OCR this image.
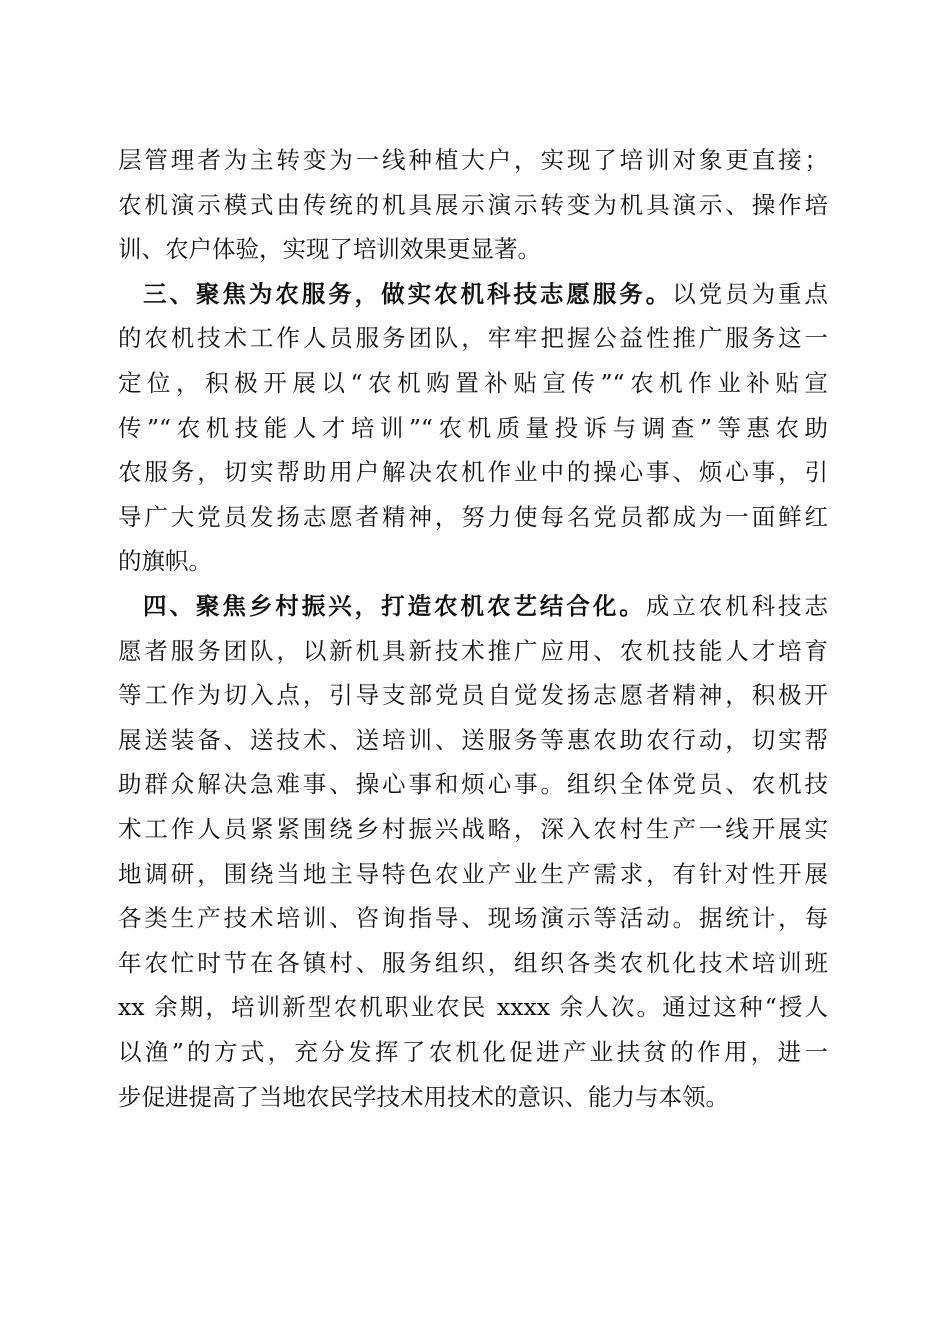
层管理者为主转变为一线种植大户，实现了培训对象更直接；
农机演示模式由传统的机具展示演示转变为机具演示、操作培
训、农户体验，实现了培训效果更显著。
三、聚焦为农服务，做实农机科技志愿服务。以党员为重点
的农机技术工作人员服务团队，牢牢把握公益性推广服务这一
定位，积极开展以“农机购置补贴宣传”“农机作业补贴宣
传”“农机技能人才培训”“农机质量投诉与调查”等惠农助
农服务，切实帮助用户解决农机作业中的操心事、烦心事，引
导广大党员发扬志愿者精神，努力使每名党员都成为一面鲜红
的旗帜。
四、聚焦乡村振兴，打造农机农艺结合化。成立农机科技志
愿者服务团队，以新机具新技术推广应用、农机技能人才培育
等工作为切入点，引导支部党员自觉发扬志愿者精神，积极开
展送装备、送技术、送培训、送服务等惠农助农行动，切实帮
助群众解决急难事、操心事和烦心事。组织全体党员、农机技
术工作人员紧紧围绕乡村振兴战略，深入农村生产一线开展实
地调研，围绕当地主导特色农业产业生产需求，有针对性开展
各类生产技术培训、咨询指导、现场演示等活动。据统计，每
年农忙时节在各镇村、服务组织，组织各类农机化技术培训班
xx 余期，培训新型农机职业农民 xxxx 余人次。通过这种“授人
以渔”的方式，充分发挥了农机化促进产业扶贫的作用，进一
步促进提高了当地农民学技术用技术的意识、能力与本领。
